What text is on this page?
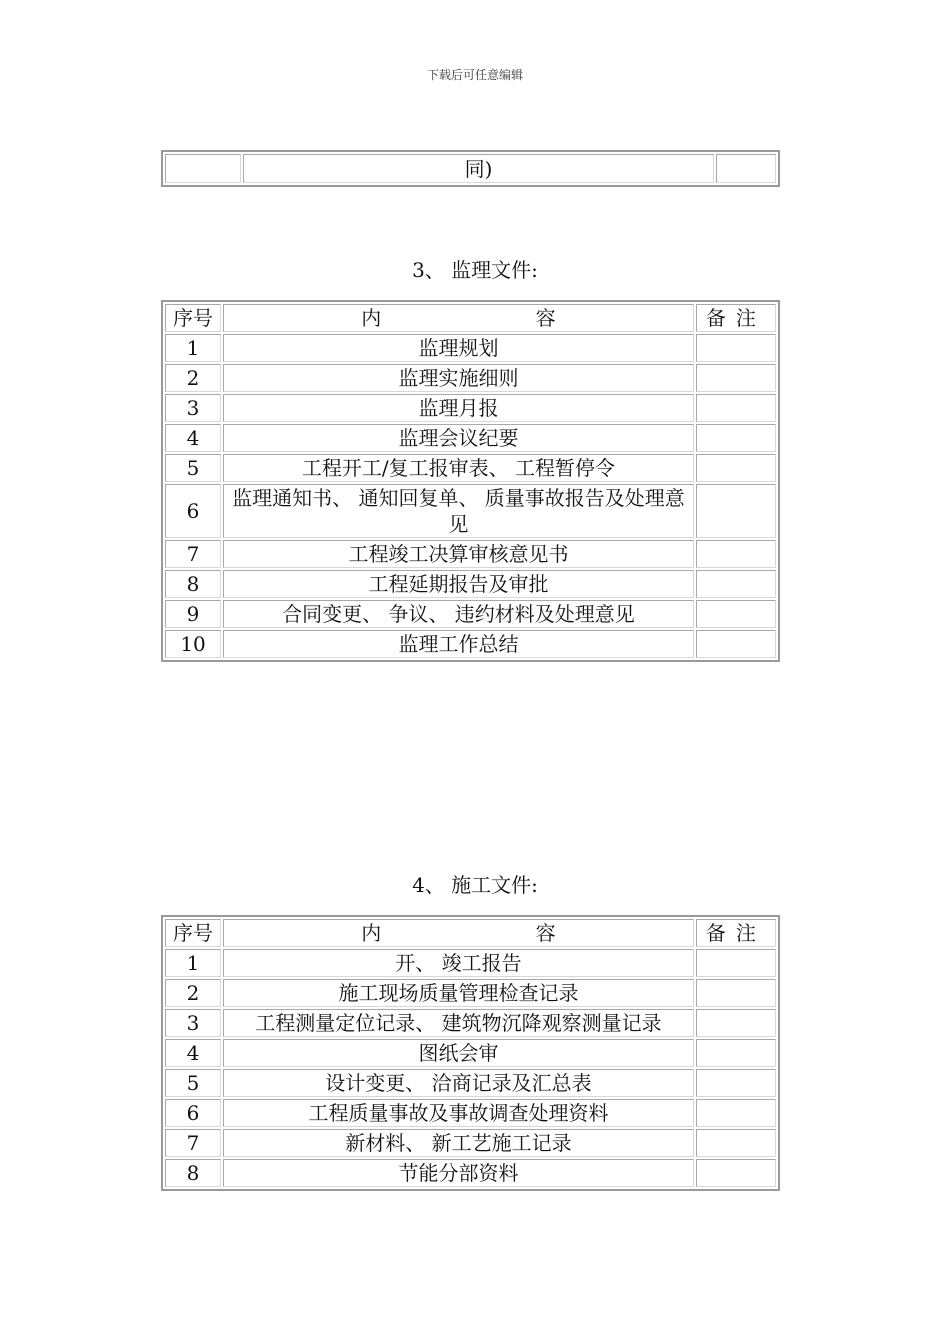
下载后可任意编辑
	同)	
3、 监理文件:
序号	内 容	备注
1	监理规划	
2	监理实施细则	
3	监理月报	
4	监理会议纪要	
5	工程开工/复工报审表、 工程暂停令	
6	监理通知书、 通知回复单、 质量事故报告及处理意见	
7	工程竣工决算审核意见书	
8	工程延期报告及审批	
9	合同变更、 争议、 违约材料及处理意见	
10	监理工作总结	
4、 施工文件:
序号	内 容	备注
1	开、 竣工报告	
2	施工现场质量管理检查记录	
3	工程测量定位记录、 建筑物沉降观察测量记录	
4	图纸会审	
5	设计变更、 洽商记录及汇总表	
6	工程质量事故及事故调查处理资料	
7	新材料、 新工艺施工记录	
8	节能分部资料	
